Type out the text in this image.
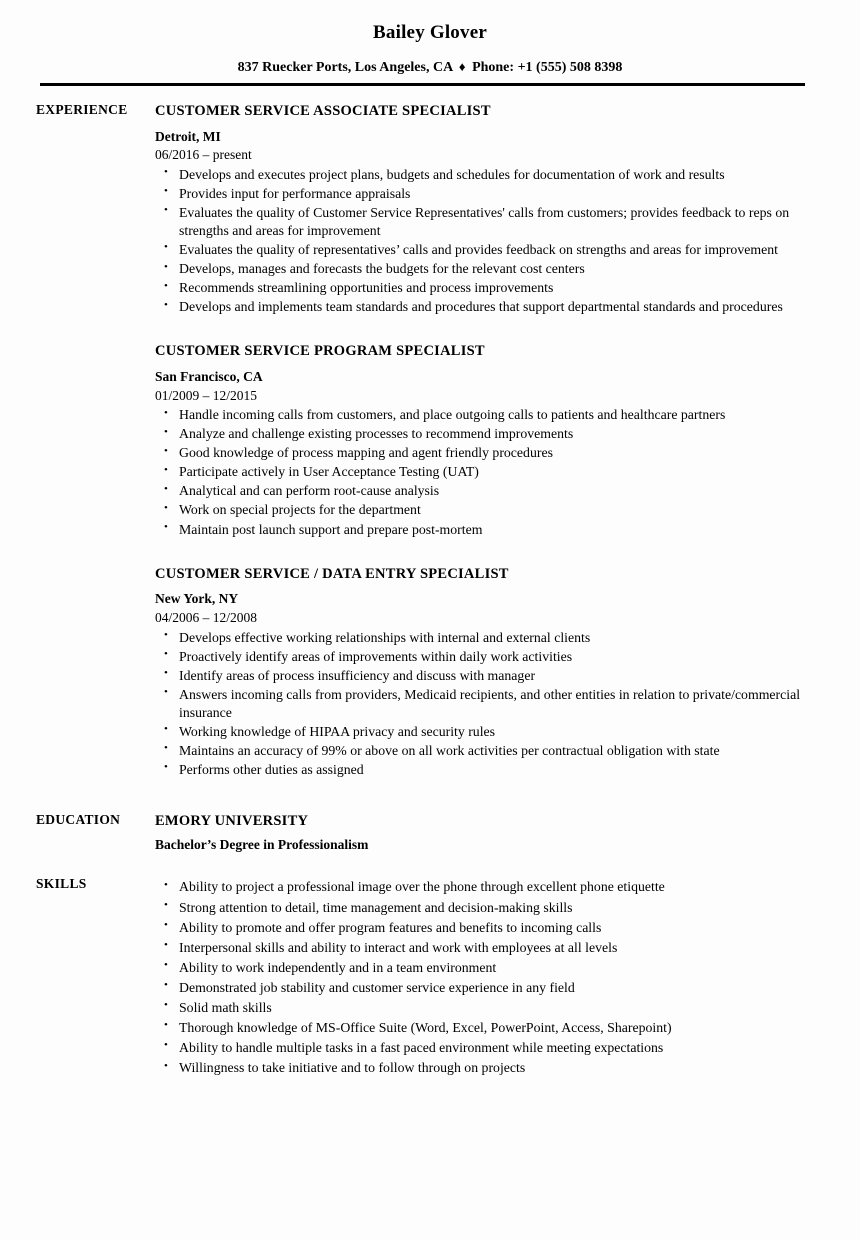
Bailey Glover
837 Ruecker Ports, Los Angeles, CA ♦ Phone: +1 (555) 508 8398
EXPERIENCE	CUSTOMER SERVICE ASSOCIATE SPECIALIST
Detroit, MI
06/2016 – present
• Develops and executes project plans, budgets and schedules for documentation of work and results
• Provides input for performance appraisals
• Evaluates the quality of Customer Service Representatives' calls from customers; provides feedback to reps on strengths and areas for improvement
• Evaluates the quality of representatives’ calls and provides feedback on strengths and areas for improvement
• Develops, manages and forecasts the budgets for the relevant cost centers
• Recommends streamlining opportunities and process improvements
• Develops and implements team standards and procedures that support departmental standards and procedures
CUSTOMER SERVICE PROGRAM SPECIALIST
San Francisco, CA
01/2009 – 12/2015
• Handle incoming calls from customers, and place outgoing calls to patients and healthcare partners
• Analyze and challenge existing processes to recommend improvements
• Good knowledge of process mapping and agent friendly procedures
• Participate actively in User Acceptance Testing (UAT)
• Analytical and can perform root-cause analysis
• Work on special projects for the department
• Maintain post launch support and prepare post-mortem
CUSTOMER SERVICE / DATA ENTRY SPECIALIST
New York, NY
04/2006 – 12/2008
• Develops effective working relationships with internal and external clients
• Proactively identify areas of improvements within daily work activities
• Identify areas of process insufficiency and discuss with manager
• Answers incoming calls from providers, Medicaid recipients, and other entities in relation to private/commercial insurance
• Working knowledge of HIPAA privacy and security rules
• Maintains an accuracy of 99% or above on all work activities per contractual obligation with state
• Performs other duties as assigned
EDUCATION	EMORY UNIVERSITY
Bachelor’s Degree in Professionalism
SKILLS	• Ability to project a professional image over the phone through excellent phone etiquette
• Strong attention to detail, time management and decision-making skills
• Ability to promote and offer program features and benefits to incoming calls
• Interpersonal skills and ability to interact and work with employees at all levels
• Ability to work independently and in a team environment
• Demonstrated job stability and customer service experience in any field
• Solid math skills
• Thorough knowledge of MS-Office Suite (Word, Excel, PowerPoint, Access, Sharepoint)
• Ability to handle multiple tasks in a fast paced environment while meeting expectations
• Willingness to take initiative and to follow through on projects
